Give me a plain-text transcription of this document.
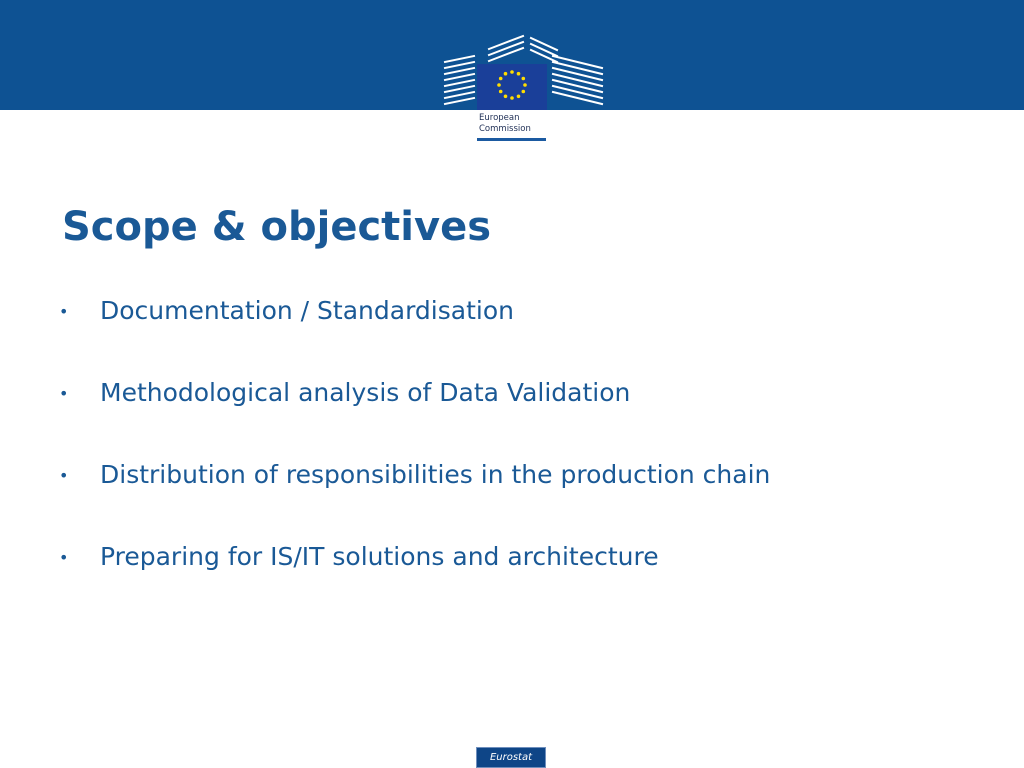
European
Commission
Scope & objectives
• Documentation / Standardisation
• Methodological analysis of Data Validation
• Distribution of responsibilities in the production chain
• Preparing for IS/IT solutions and architecture
Eurostat
